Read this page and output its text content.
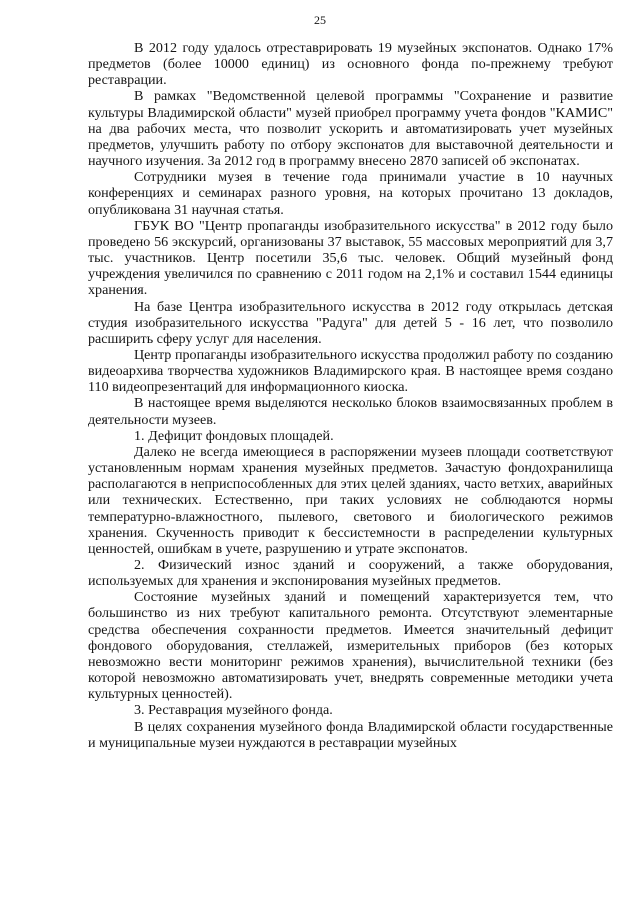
25

В 2012 году удалось отреставрировать 19 музейных экспонатов. Однако 17% предметов (более 10000 единиц) из основного фонда по-прежнему требуют реставрации.

В рамках "Ведомственной целевой программы "Сохранение и развитие культуры Владимирской области" музей приобрел программу учета фондов "КАМИС" на два рабочих места, что позволит ускорить и автоматизировать учет музейных предметов, улучшить работу по отбору экспонатов для выставочной деятельности и научного изучения. За 2012 год в программу внесено 2870 записей об экспонатах.

Сотрудники музея в течение года принимали участие в 10 научных конференциях и семинарах разного уровня, на которых прочитано 13 докладов, опубликована 31 научная статья.

ГБУК ВО "Центр пропаганды изобразительного искусства" в 2012 году было проведено 56 экскурсий, организованы 37 выставок, 55 массовых мероприятий для 3,7 тыс. участников. Центр посетили 35,6 тыс. человек. Общий музейный фонд учреждения увеличился по сравнению с 2011 годом на 2,1% и составил 1544 единицы хранения.

На базе Центра изобразительного искусства в 2012 году открылась детская студия изобразительного искусства "Радуга" для детей 5 - 16 лет, что позволило расширить сферу услуг для населения.

Центр пропаганды изобразительного искусства продолжил работу по созданию видеоархива творчества художников Владимирского края. В настоящее время создано 110 видеопрезентаций для информационного киоска.

В настоящее время выделяются несколько блоков взаимосвязанных проблем в деятельности музеев.

1. Дефицит фондовых площадей.

Далеко не всегда имеющиеся в распоряжении музеев площади соответствуют установленным нормам хранения музейных предметов. Зачастую фондохранилища располагаются в неприспособленных для этих целей зданиях, часто ветхих, аварийных или технических. Естественно, при таких условиях не соблюдаются нормы температурно-влажностного, пылевого, светового и биологического режимов хранения. Скученность приводит к бессистемности в распределении культурных ценностей, ошибкам в учете, разрушению и утрате экспонатов.

2. Физический износ зданий и сооружений, а также оборудования, используемых для хранения и экспонирования музейных предметов.

Состояние музейных зданий и помещений характеризуется тем, что большинство из них требуют капитального ремонта. Отсутствуют элементарные средства обеспечения сохранности предметов. Имеется значительный дефицит фондового оборудования, стеллажей, измерительных приборов (без которых невозможно вести мониторинг режимов хранения), вычислительной техники (без которой невозможно автоматизировать учет, внедрять современные методики учета культурных ценностей).

3. Реставрация музейного фонда.

В целях сохранения музейного фонда Владимирской области государственные и муниципальные музеи нуждаются в реставрации музейных
